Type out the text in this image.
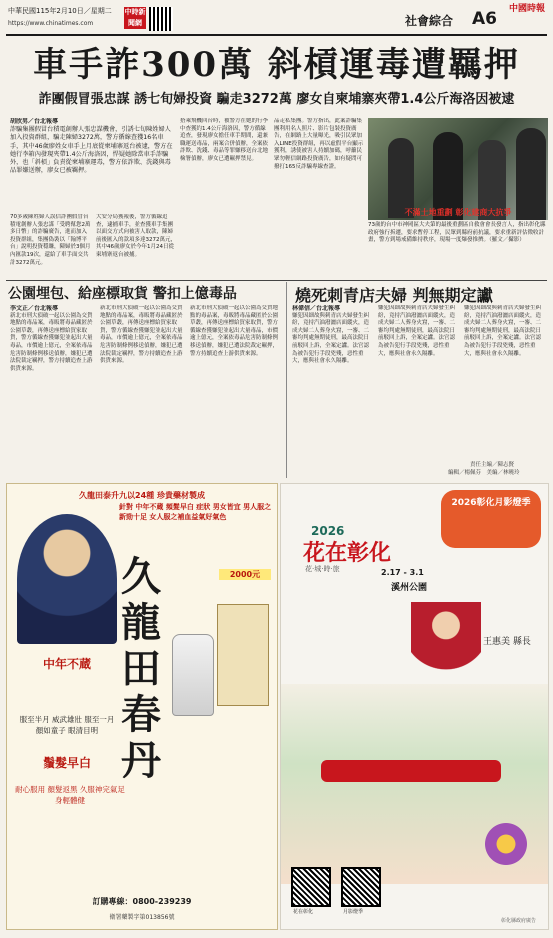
中華民國115年2月10日／星期二
https://www.chinatimes.com
中時新聞網	社會綜合 A6	中國時報
車手詐300萬 斜槓運毒遭羈押
詐團假冒張忠謀 誘七旬婦投資 騙走3272萬 廖女自柬埔寨夾帶1.4公斤海洛因被逮
胡欣男／台北報導
詐騙集團假冒台積電創辦人張忠謀機會，引誘七旬陳姓婦人加入投資群組，騙走陳婦3272萬，警方循線查獲16名車手，其中46歲廖姓女車手上月底從柬埔寨返台被逮，警方在她行李箱內發現夾帶1.4公斤海洛因，悍疑她除當車手詐騙外，也「斜槓」負責從柬埔寨運毒，警方依詐欺、洗錢與毒品罪嫌送辦，廖女已被羈押。
搭乘飛機回台時，被警方在她的行李中查獲約1.4公斤海洛因，警方循線追查，發現廖女擔任車手期間，還兼職運送毒品，兩案合併偵辦，全案依詐欺、洗錢、毒品等罪嫌移送台北地檢署偵辦，廖女已遭羈押禁見。
品走私集團。警方指出，此案詐騙集團利用名人照片、影片包裝投資廣告，在網路上大量曝光，吸引民眾加入LINE投資群組，再以虛假平台顯示獲利，誘使被害人持續加碼，呼籲民眾勿輕信網路投資廣告，如有疑問可撥打165反詐騙專線查證。
70多歲陳姓婦人誤信詐團假冒台積電創辦人張忠謀「受聘幫您2萬多日幣」的詐騙廣告，進而加入投資群組，集團偽裝以「翰博平台」說明投資穩賺，陳婦於3個月內匯款19次，還給了車手面交共計3272萬元。
大安分局獲報後，警方循線追查，逮捕車手，並查獲車手集團以面交方式向被害人取款，陳婦前後匯入的款項多達3272萬元，其中46歲廖女於今年1月24日從柬埔寨返台被捕。
不滿土地重劃 彰化建商大抗爭
73歲的台中市神岡區大夫第的最後重劃區自救會會長發言人，指出彰化縣政府強行拆遷，要求暫停工程，民眾到縣府前抗議，要求重新評估徵收計畫，警方到場戒備維持秩序，現場一度爆發推擠。（羅文／攝影）
公園埋包、給座標取貨 警扣上億毒品
李文正／台北報導
新北市刑大偵破一起以公園為交貨地點的毒品案，毒販將毒品藏匿於公園草叢，再傳送座標給買家取貨，警方循線查獲嫌犯並起出大量毒品，市價逾上億元，全案依毒品危害防制條例移送偵辦，嫌犯已遭法院裁定羈押，警方持續追查上游供貨來源。
新北市刑大偵破一起以公園為交貨地點的毒品案，毒販將毒品藏匿於公園草叢，再傳送座標給買家取貨，警方循線查獲嫌犯並起出大量毒品，市價逾上億元，全案依毒品危害防制條例移送偵辦，嫌犯已遭法院裁定羈押，警方持續追查上游供貨來源。
新北市刑大偵破一起以公園為交貨地點的毒品案，毒販將毒品藏匿於公園草叢，再傳送座標給買家取貨，警方循線查獲嫌犯並起出大量毒品，市價逾上億元，全案依毒品危害防制條例移送偵辦，嫌犯已遭法院裁定羈押，警方持續追查上游供貨來源。
燒死刺青店夫婦 判無期定讞
林偉信／台北報導
嫌犯因細故與刺青店夫婦發生糾紛，竟持汽油潑灑店面縱火，造成夫婦二人葬身火窟，一審、二審均判處無期徒刑，最高法院日前駁回上訴，全案定讞。法官認為被告犯行手段兇殘，惡性重大，應與社會永久隔離。
嫌犯因細故與刺青店夫婦發生糾紛，竟持汽油潑灑店面縱火，造成夫婦二人葬身火窟，一審、二審均判處無期徒刑，最高法院日前駁回上訴，全案定讞。法官認為被告犯行手段兇殘，惡性重大，應與社會永久隔離。
嫌犯因細故與刺青店夫婦發生糾紛，竟持汽油潑灑店面縱火，造成夫婦二人葬身火窟，一審、二審均判處無期徒刑，最高法院日前駁回上訴，全案定讞。法官認為被告犯行手段兇殘，惡性重大，應與社會永久隔離。
責任主編／陳志賢
編輯／楊佩芬　美編／林曉玲
久龍田泰升九以24種 珍貴藥材製成
針對 中年不蔵 頻髮早白 症狀 男女皆宜 男人服之新勁十足 女人服之補血益氣好氣色
久龍田春丹
2000元
中年不蔵
服至半月 威武雄壯 服至一月 顏如童子 眼清目明
鬚髮早白
耐心服用 顏髮返黑 久服神完氣足 身輕體健
訂購專線：0800-239239
衛署藥製字第013856號
2026彰化月影燈季
2026
花在彰化
花‧城‧時‧旅	2.17 - 3.1
溪州公園
王惠美 縣長
花在彰化	月影燈季
彰化縣政府廣告
